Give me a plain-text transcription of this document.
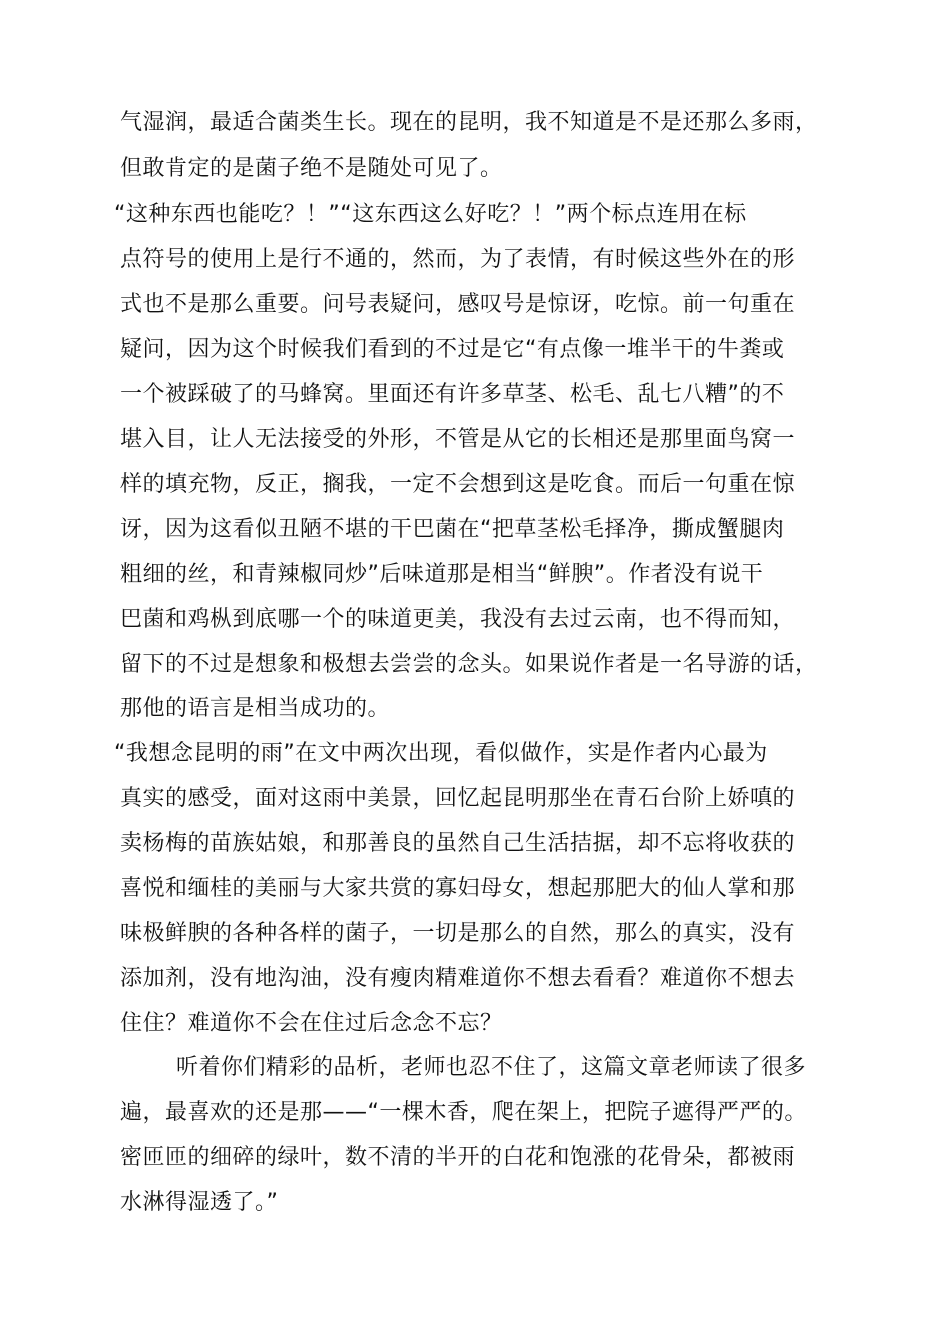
气湿润，最适合菌类生长。现在的昆明，我不知道是不是还那么多雨，
但敢肯定的是菌子绝不是随处可见了。
“这种东西也能吃？！”“这东西这么好吃？！”两个标点连用在标
点符号的使用上是行不通的，然而，为了表情，有时候这些外在的形
式也不是那么重要。问号表疑问，感叹号是惊讶，吃惊。前一句重在
疑问，因为这个时候我们看到的不过是它“有点像一堆半干的牛粪或
一个被踩破了的马蜂窝。里面还有许多草茎、松毛、乱七八糟”的不
堪入目，让人无法接受的外形，不管是从它的长相还是那里面鸟窝一
样的填充物，反正，搁我，一定不会想到这是吃食。而后一句重在惊
讶，因为这看似丑陋不堪的干巴菌在“把草茎松毛择净，撕成蟹腿肉
粗细的丝，和青辣椒同炒”后味道那是相当“鲜腴”。作者没有说干
巴菌和鸡枞到底哪一个的味道更美，我没有去过云南，也不得而知，
留下的不过是想象和极想去尝尝的念头。如果说作者是一名导游的话，
那他的语言是相当成功的。
“我想念昆明的雨”在文中两次出现，看似做作，实是作者内心最为
真实的感受，面对这雨中美景，回忆起昆明那坐在青石台阶上娇嗔的
卖杨梅的苗族姑娘，和那善良的虽然自己生活拮据，却不忘将收获的
喜悦和缅桂的美丽与大家共赏的寡妇母女，想起那肥大的仙人掌和那
味极鲜腴的各种各样的菌子，一切是那么的自然，那么的真实，没有
添加剂，没有地沟油，没有瘦肉精难道你不想去看看？难道你不想去
住住？难道你不会在住过后念念不忘？
听着你们精彩的品析，老师也忍不住了，这篇文章老师读了很多
遍，最喜欢的还是那——“一棵木香，爬在架上，把院子遮得严严的。
密匝匝的细碎的绿叶，数不清的半开的白花和饱涨的花骨朵，都被雨
水淋得湿透了。”
